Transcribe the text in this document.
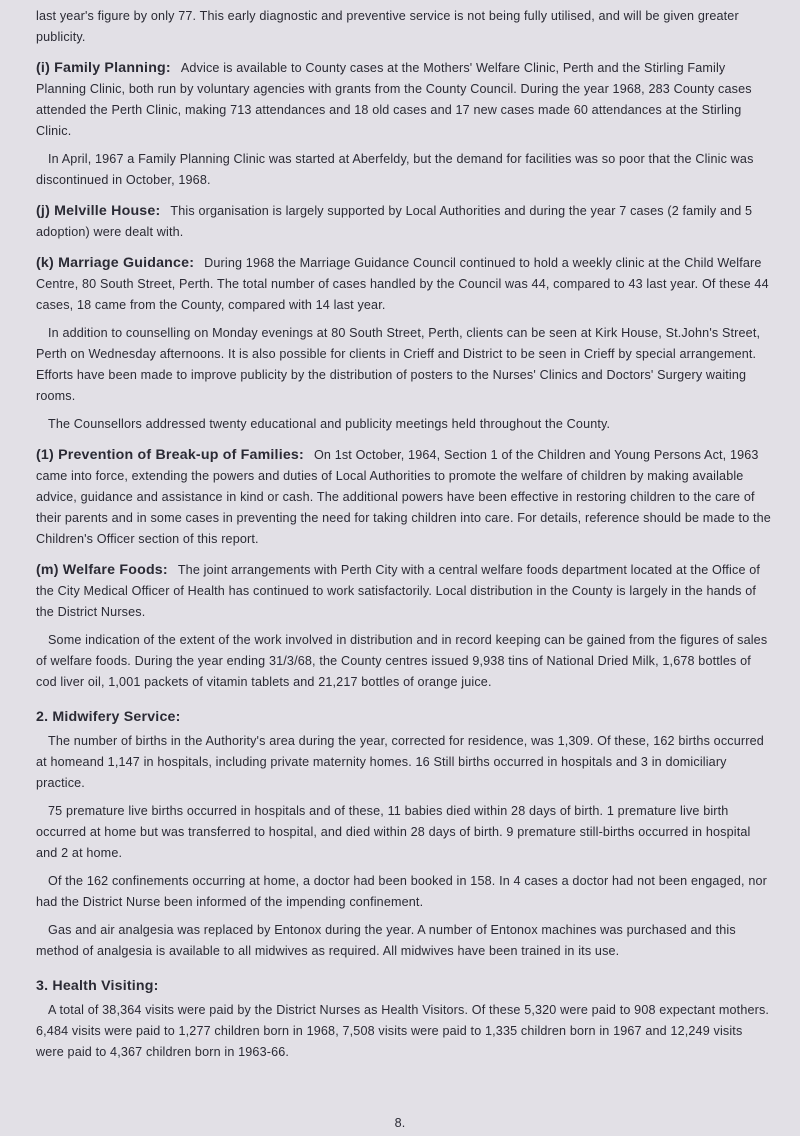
last year's figure by only 77. This early diagnostic and preventive service is not being fully utilised, and will be given greater publicity.

(i) Family Planning: Advice is available to County cases at the Mothers' Welfare Clinic, Perth and the Stirling Family Planning Clinic, both run by voluntary agencies with grants from the County Council. During the year 1968, 283 County cases attended the Perth Clinic, making 713 attendances and 18 old cases and 17 new cases made 60 attendances at the Stirling Clinic.

In April, 1967 a Family Planning Clinic was started at Aberfeldy, but the demand for facilities was so poor that the Clinic was discontinued in October, 1968.

(j) Melville House: This organisation is largely supported by Local Authorities and during the year 7 cases (2 family and 5 adoption) were dealt with.

(k) Marriage Guidance: During 1968 the Marriage Guidance Council continued to hold a weekly clinic at the Child Welfare Centre, 80 South Street, Perth. The total number of cases handled by the Council was 44, compared to 43 last year. Of these 44 cases, 18 came from the County, compared with 14 last year.

In addition to counselling on Monday evenings at 80 South Street, Perth, clients can be seen at Kirk House, St.John's Street, Perth on Wednesday afternoons. It is also possible for clients in Crieff and District to be seen in Crieff by special arrangement. Efforts have been made to improve publicity by the distribution of posters to the Nurses' Clinics and Doctors' Surgery waiting rooms.

The Counsellors addressed twenty educational and publicity meetings held throughout the County.

(1) Prevention of Break-up of Families: On 1st October, 1964, Section 1 of the Children and Young Persons Act, 1963 came into force, extending the powers and duties of Local Authorities to promote the welfare of children by making available advice, guidance and assistance in kind or cash. The additional powers have been effective in restoring children to the care of their parents and in some cases in preventing the need for taking children into care. For details, reference should be made to the Children's Officer section of this report.

(m) Welfare Foods: The joint arrangements with Perth City with a central welfare foods department located at the Office of the City Medical Officer of Health has continued to work satisfactorily. Local distribution in the County is largely in the hands of the District Nurses.

Some indication of the extent of the work involved in distribution and in record keeping can be gained from the figures of sales of welfare foods. During the year ending 31/3/68, the County centres issued 9,938 tins of National Dried Milk, 1,678 bottles of cod liver oil, 1,001 packets of vitamin tablets and 21,217 bottles of orange juice.

2. Midwifery Service:

The number of births in the Authority's area during the year, corrected for residence, was 1,309. Of these, 162 births occurred at homeand 1,147 in hospitals, including private maternity homes. 16 Still births occurred in hospitals and 3 in domiciliary practice.

75 premature live births occurred in hospitals and of these, 11 babies died within 28 days of birth. 1 premature live birth occurred at home but was transferred to hospital, and died within 28 days of birth. 9 premature still-births occurred in hospital and 2 at home.

Of the 162 confinements occurring at home, a doctor had been booked in 158. In 4 cases a doctor had not been engaged, nor had the District Nurse been informed of the impending confinement.

Gas and air analgesia was replaced by Entonox during the year. A number of Entonox machines was purchased and this method of analgesia is available to all midwives as required. All midwives have been trained in its use.

3. Health Visiting:

A total of 38,364 visits were paid by the District Nurses as Health Visitors. Of these 5,320 were paid to 908 expectant mothers. 6,484 visits were paid to 1,277 children born in 1968, 7,508 visits were paid to 1,335 children born in 1967 and 12,249 visits were paid to 4,367 children born in 1963-66.

8.
